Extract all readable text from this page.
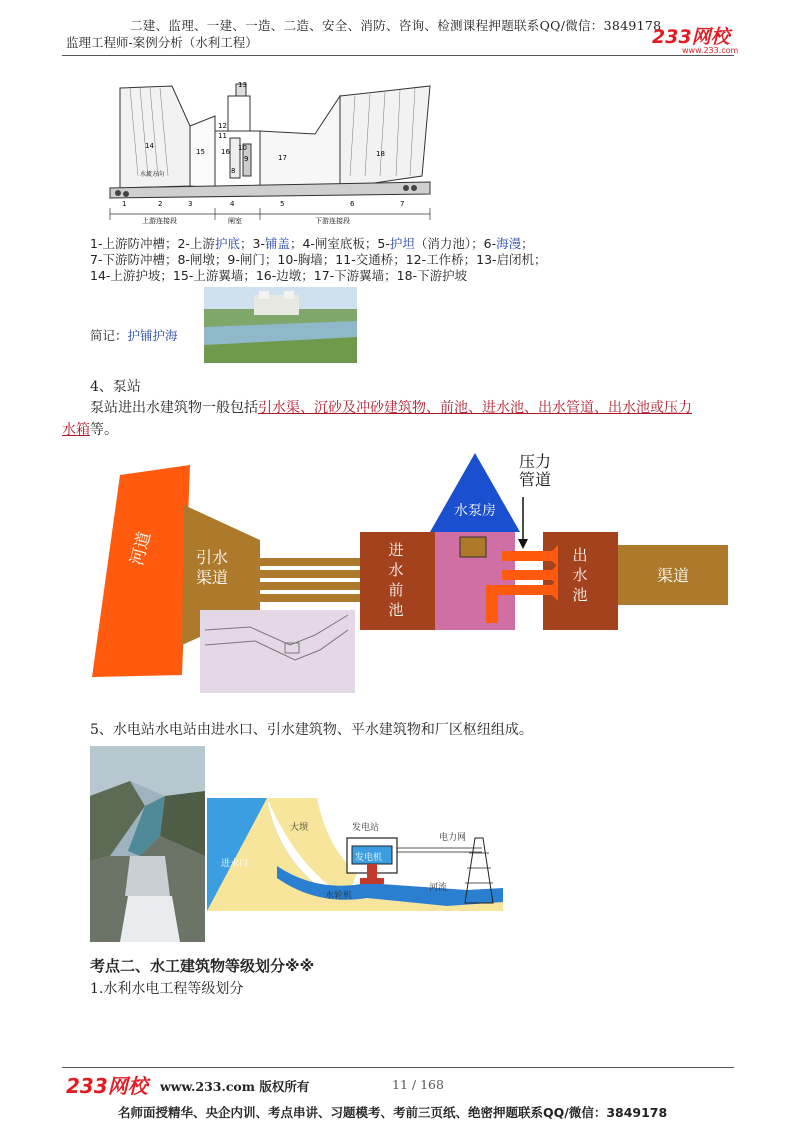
二建、监理、一建、一造、二造、安全、消防、咨询、检测课程押题联系QQ/微信：3849178
监理工程师-案例分析（水利工程）	233网校
www.233.com
13
12
11
14
15 16 10
9
8
17	18
水流方向
1	2	3	4	5	6	7
上游连接段	闸室	下游连接段
1-上游防冲槽；2-上游护底；3-铺盖；4-闸室底板；5-护坦（消力池）；6-海漫；
7-下游防冲槽；8-闸墩；9-闸门；10-胸墙；11-交通桥；12-工作桥；13-启闭机；
14-上游护坡；15-上游翼墙；16-边墩；17-下游翼墙；18-下游护坡
简记：护铺护海
4、泵站
泵站进出水建筑物一般包括引水渠、沉砂及冲砂建筑物、前池、进水池、出水管道、出水池或压力
水箱等。
河道	引水
渠道
进
水
前
池
水泵房
压力
管道
出
水
池
渠道
5、水电站水电站由进水口、引水建筑物、平水建筑物和厂区枢纽组成。
大坝	发电站
发电机
电力网
进水口
水轮机
河流
考点二、水工建筑物等级划分※※
1.水利水电工程等级划分
233网校 www.233.com 版权所有	11 / 168
名师面授精华、央企内训、考点串讲、习题模考、考前三页纸、绝密押题联系QQ/微信：3849178
